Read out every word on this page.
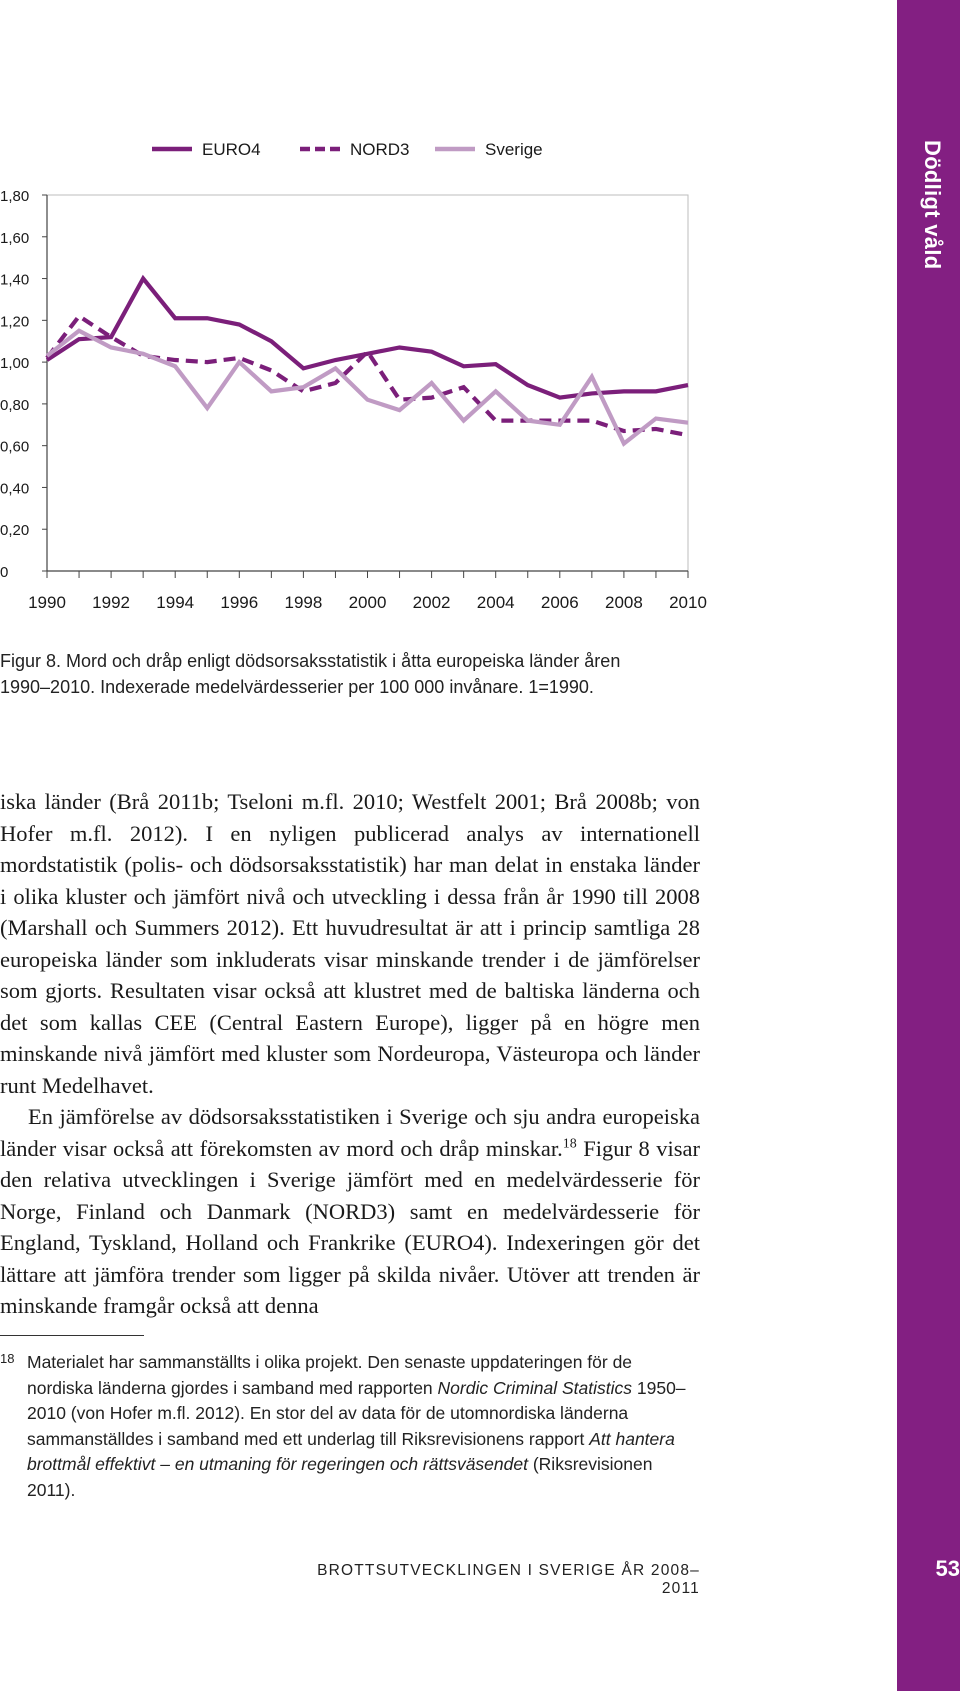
Dödligt våld
53
EURO4	NORD3	Sverige
0
0,20
0,40
0,60
0,80
1,00
1,20
1,40
1,60
1,80
1990 1992 1994 1996 1998 2000 2002 2004 2006 2008 2010
Figur 8. Mord och dråp enligt dödsorsaksstatistik i åtta europeiska länder åren
1990–2010. Indexerade medelvärdesserier per 100 000 invånare. 1=1990.

iska länder (Brå 2011b; Tseloni m.fl. 2010; Westfelt 2001; Brå 2008b; von Hofer m.fl. 2012). I en nyligen publicerad analys av internationell mordstatistik (polis- och dödsorsaksstatistik) har man delat in enstaka länder i olika kluster och jämfört nivå och utveckling i dessa från år 1990 till 2008 (Marshall och Summers 2012). Ett huvudresultat är att i princip samtliga 28 europeiska länder som inkluderats visar minskande trender i de jämförelser som gjorts. Resultaten visar också att klustret med de baltiska länderna och det som kallas CEE (Central Eastern Europe), ligger på en högre men minskande nivå jämfört med kluster som Nordeuropa, Västeuropa och länder runt Medelhavet.

En jämförelse av dödsorsaksstatistiken i Sverige och sju andra europeiska länder visar också att förekomsten av mord och dråp minskar.$^{18}$ Figur 8 visar den relativa utvecklingen i Sverige jämfört med en medelvärdesserie för Norge, Finland och Danmark (NORD3) samt en medelvärdesserie för England, Tyskland, Holland och Frankrike (EURO4). Indexeringen gör det lättare att jämföra trender som ligger på skilda nivåer. Utöver att trenden är minskande framgår också att denna

18 Materialet har sammanställts i olika projekt. Den senaste uppdateringen för de nordiska länderna gjordes i samband med rapporten Nordic Criminal Statistics 1950–2010 (von Hofer m.fl. 2012). En stor del av data för de utomnordiska länderna sammanställdes i samband med ett underlag till Riksrevisionens rapport Att hantera brottmål effektivt – en utmaning för regeringen och rättsväsendet (Riksrevisionen 2011).
BROTTSUTVECKLINGEN I SVERIGE ÅR 2008–2011
